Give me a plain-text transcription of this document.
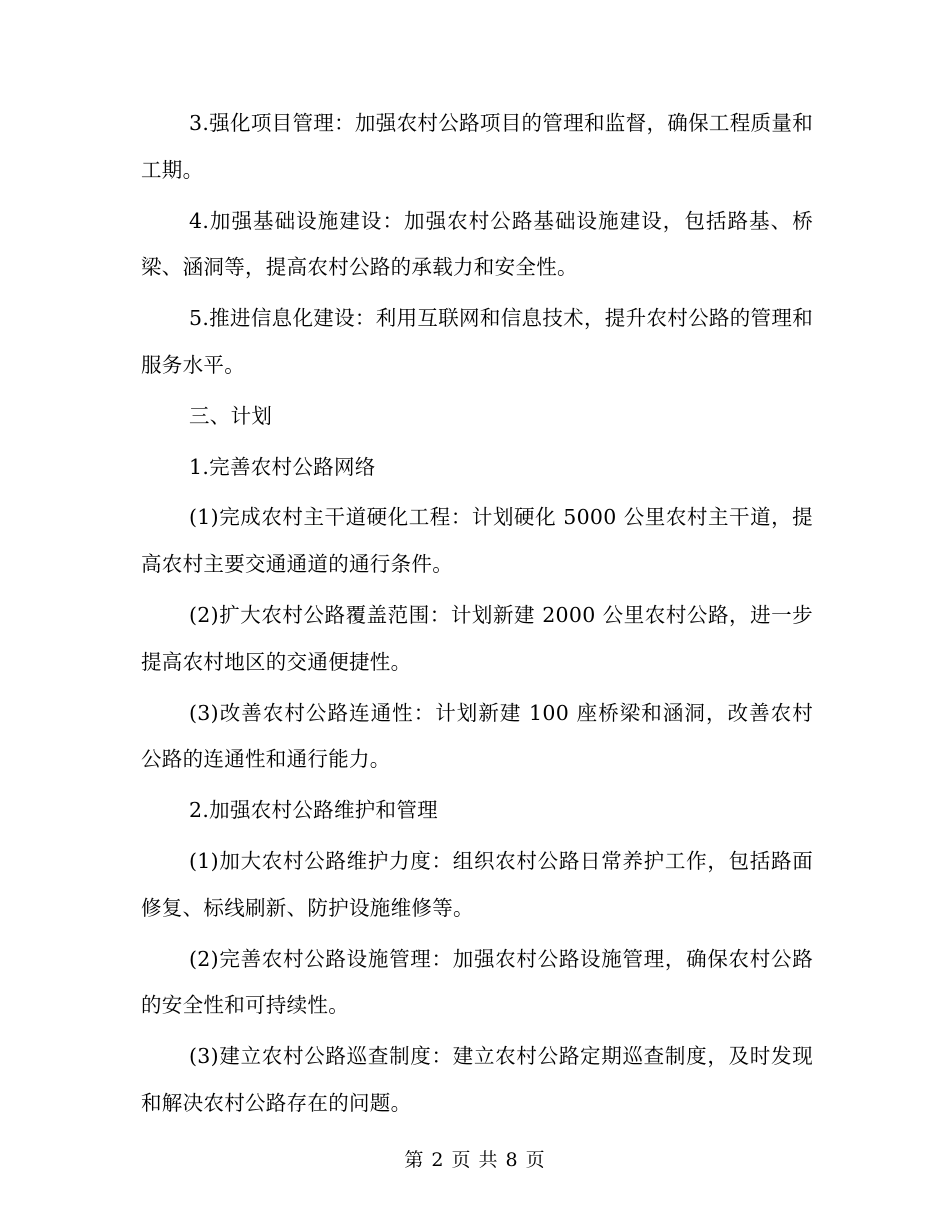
3.强化项目管理：加强农村公路项目的管理和监督，确保工程质量和工期。

4.加强基础设施建设：加强农村公路基础设施建设，包括路基、桥梁、涵洞等，提高农村公路的承载力和安全性。

5.推进信息化建设：利用互联网和信息技术，提升农村公路的管理和服务水平。

三、计划

1.完善农村公路网络

(1)完成农村主干道硬化工程：计划硬化 5000 公里农村主干道，提高农村主要交通通道的通行条件。

(2)扩大农村公路覆盖范围：计划新建 2000 公里农村公路，进一步提高农村地区的交通便捷性。

(3)改善农村公路连通性：计划新建 100 座桥梁和涵洞，改善农村公路的连通性和通行能力。

2.加强农村公路维护和管理

(1)加大农村公路维护力度：组织农村公路日常养护工作，包括路面修复、标线刷新、防护设施维修等。

(2)完善农村公路设施管理：加强农村公路设施管理，确保农村公路的安全性和可持续性。

(3)建立农村公路巡查制度：建立农村公路定期巡查制度，及时发现和解决农村公路存在的问题。

第 2 页 共 8 页
